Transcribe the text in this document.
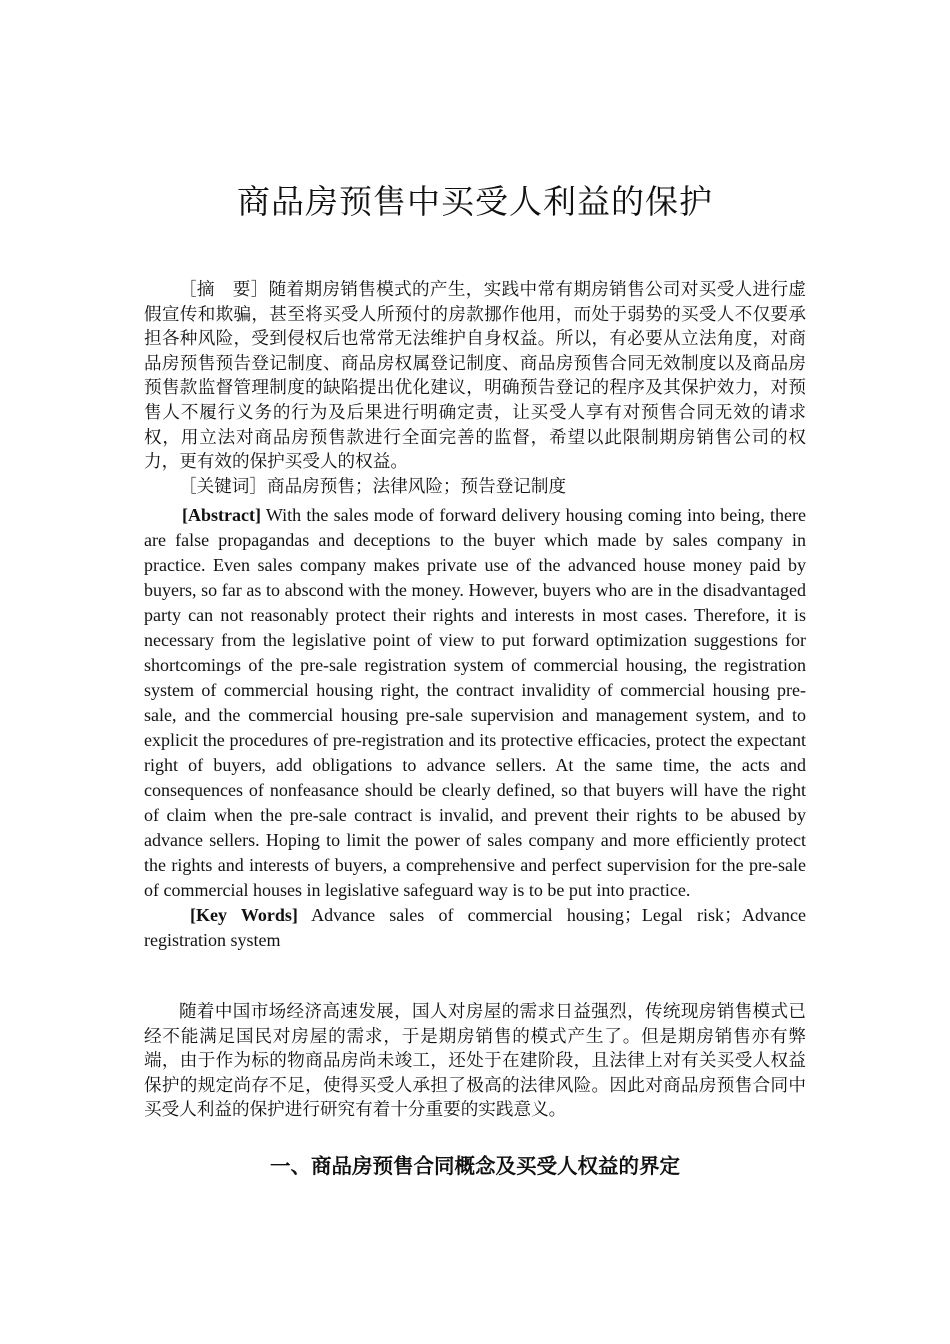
商品房预售中买受人利益的保护

［摘　要］随着期房销售模式的产生，实践中常有期房销售公司对买受人进行虚假宣传和欺骗，甚至将买受人所预付的房款挪作他用，而处于弱势的买受人不仅要承担各种风险，受到侵权后也常常无法维护自身权益。所以，有必要从立法角度，对商品房预售预告登记制度、商品房权属登记制度、商品房预售合同无效制度以及商品房预售款监督管理制度的缺陷提出优化建议，明确预告登记的程序及其保护效力，对预售人不履行义务的行为及后果进行明确定责，让买受人享有对预售合同无效的请求权，用立法对商品房预售款进行全面完善的监督，希望以此限制期房销售公司的权力，更有效的保护买受人的权益。

［关键词］商品房预售；法律风险；预告登记制度

[Abstract] With the sales mode of forward delivery housing coming into being, there are false propagandas and deceptions to the buyer which made by sales company in practice. Even sales company makes private use of the advanced house money paid by buyers, so far as to abscond with the money. However, buyers who are in the disadvantaged party can not reasonably protect their rights and interests in most cases. Therefore, it is necessary from the legislative point of view to put forward optimization suggestions for shortcomings of the pre-sale registration system of commercial housing, the registration system of commercial housing right, the contract invalidity of commercial housing pre-sale, and the commercial housing pre-sale supervision and management system, and to explicit the procedures of pre-registration and its protective efficacies, protect the expectant right of buyers, add obligations to advance sellers. At the same time, the acts and consequences of nonfeasance should be clearly defined, so that buyers will have the right of claim when the pre-sale contract is invalid, and prevent their rights to be abused by advance sellers. Hoping to limit the power of sales company and more efficiently protect the rights and interests of buyers, a comprehensive and perfect supervision for the pre-sale of commercial houses in legislative safeguard way is to be put into practice.

[Key Words] Advance sales of commercial housing；Legal risk；Advance registration system

随着中国市场经济高速发展，国人对房屋的需求日益强烈，传统现房销售模式已经不能满足国民对房屋的需求，于是期房销售的模式产生了。但是期房销售亦有弊端，由于作为标的物商品房尚未竣工，还处于在建阶段，且法律上对有关买受人权益保护的规定尚存不足，使得买受人承担了极高的法律风险。因此对商品房预售合同中买受人利益的保护进行研究有着十分重要的实践意义。

一、商品房预售合同概念及买受人权益的界定
